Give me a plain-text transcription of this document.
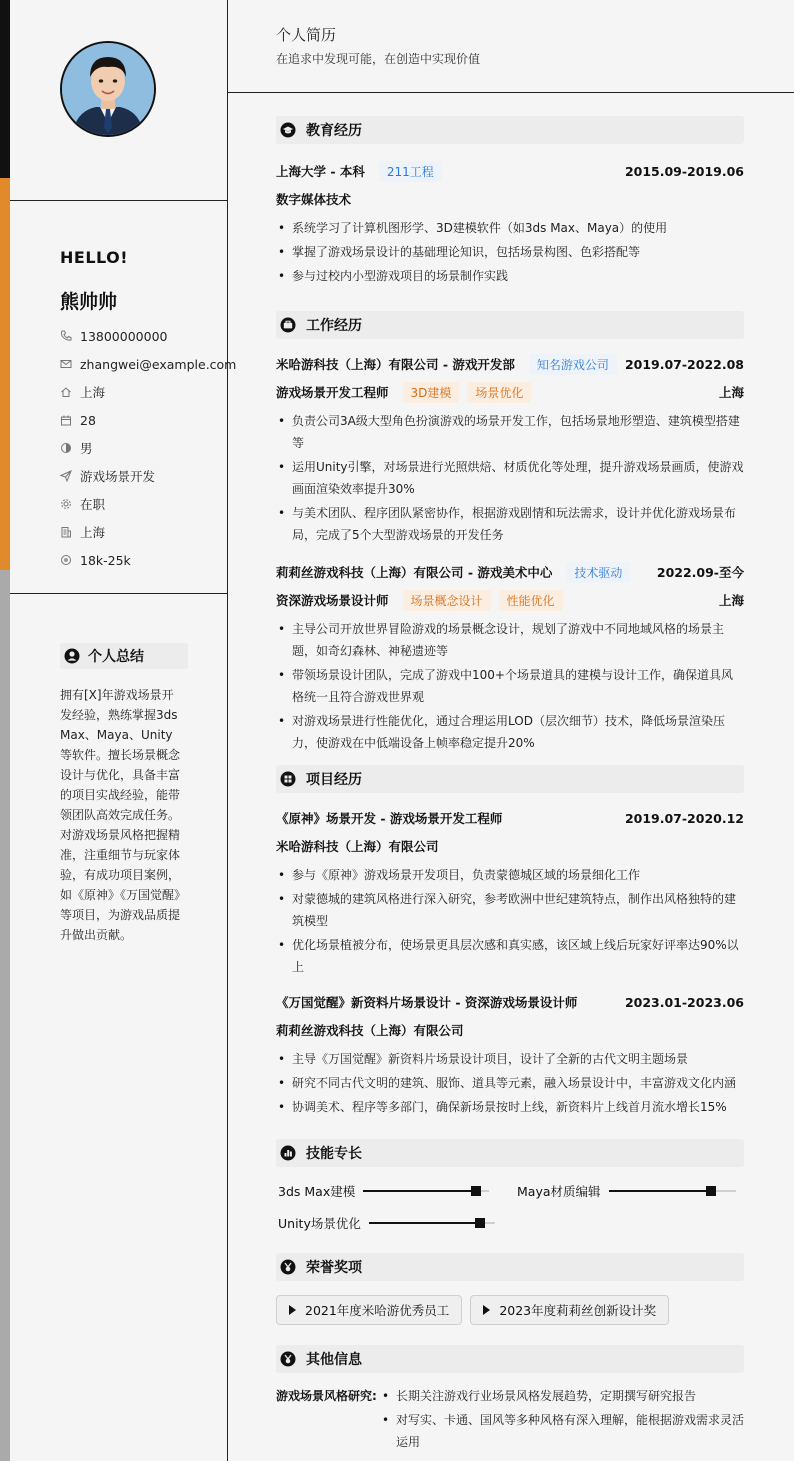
HELLO!
熊帅帅
13800000000
zhangwei@example.com
上海
28
男
游戏场景开发
在职
上海
18k-25k
个人总结
拥有[X]年游戏场景开发经验，熟练掌握3ds Max、Maya、Unity等软件。擅长场景概念设计与优化，具备丰富的项目实战经验，能带领团队高效完成任务。对游戏场景风格把握精准，注重细节与玩家体验，有成功项目案例，如《原神》《万国觉醒》等项目，为游戏品质提升做出贡献。
个人简历
在追求中发现可能，在创造中实现价值
教育经历
上海大学 - 本科	211工程	2015.09-2019.06
数字媒体技术
• 系统学习了计算机图形学、3D建模软件（如3ds Max、Maya）的使用
• 掌握了游戏场景设计的基础理论知识，包括场景构图、色彩搭配等
• 参与过校内小型游戏项目的场景制作实践
工作经历
米哈游科技（上海）有限公司 - 游戏开发部	知名游戏公司	2019.07-2022.08
游戏场景开发工程师	3D建模	场景优化	上海
• 负责公司3A级大型角色扮演游戏的场景开发工作，包括场景地形塑造、建筑模型搭建等
• 运用Unity引擎，对场景进行光照烘焙、材质优化等处理，提升游戏场景画质，使游戏画面渲染效率提升30%
• 与美术团队、程序团队紧密协作，根据游戏剧情和玩法需求，设计并优化游戏场景布局，完成了5个大型游戏场景的开发任务
莉莉丝游戏科技（上海）有限公司 - 游戏美术中心	技术驱动	2022.09-至今
资深游戏场景设计师	场景概念设计	性能优化	上海
• 主导公司开放世界冒险游戏的场景概念设计，规划了游戏中不同地域风格的场景主题，如奇幻森林、神秘遗迹等
• 带领场景设计团队，完成了游戏中100+个场景道具的建模与设计工作，确保道具风格统一且符合游戏世界观
• 对游戏场景进行性能优化，通过合理运用LOD（层次细节）技术，降低场景渲染压力，使游戏在中低端设备上帧率稳定提升20%
项目经历
《原神》场景开发 - 游戏场景开发工程师	2019.07-2020.12
米哈游科技（上海）有限公司
• 参与《原神》游戏场景开发项目，负责蒙德城区域的场景细化工作
• 对蒙德城的建筑风格进行深入研究，参考欧洲中世纪建筑特点，制作出风格独特的建筑模型
• 优化场景植被分布，使场景更具层次感和真实感，该区域上线后玩家好评率达90%以上
《万国觉醒》新资料片场景设计 - 资深游戏场景设计师	2023.01-2023.06
莉莉丝游戏科技（上海）有限公司
• 主导《万国觉醒》新资料片场景设计项目，设计了全新的古代文明主题场景
• 研究不同古代文明的建筑、服饰、道具等元素，融入场景设计中，丰富游戏文化内涵
• 协调美术、程序等多部门，确保新场景按时上线，新资料片上线首月流水增长15%
技能专长
3ds Max建模	Maya材质编辑
Unity场景优化
荣誉奖项
2021年度米哈游优秀员工	2023年度莉莉丝创新设计奖
其他信息
游戏场景风格研究:
•	长期关注游戏行业场景风格发展趋势，定期撰写研究报告
• 对写实、卡通、国风等多种风格有深入理解，能根据游戏需求灵活运用
